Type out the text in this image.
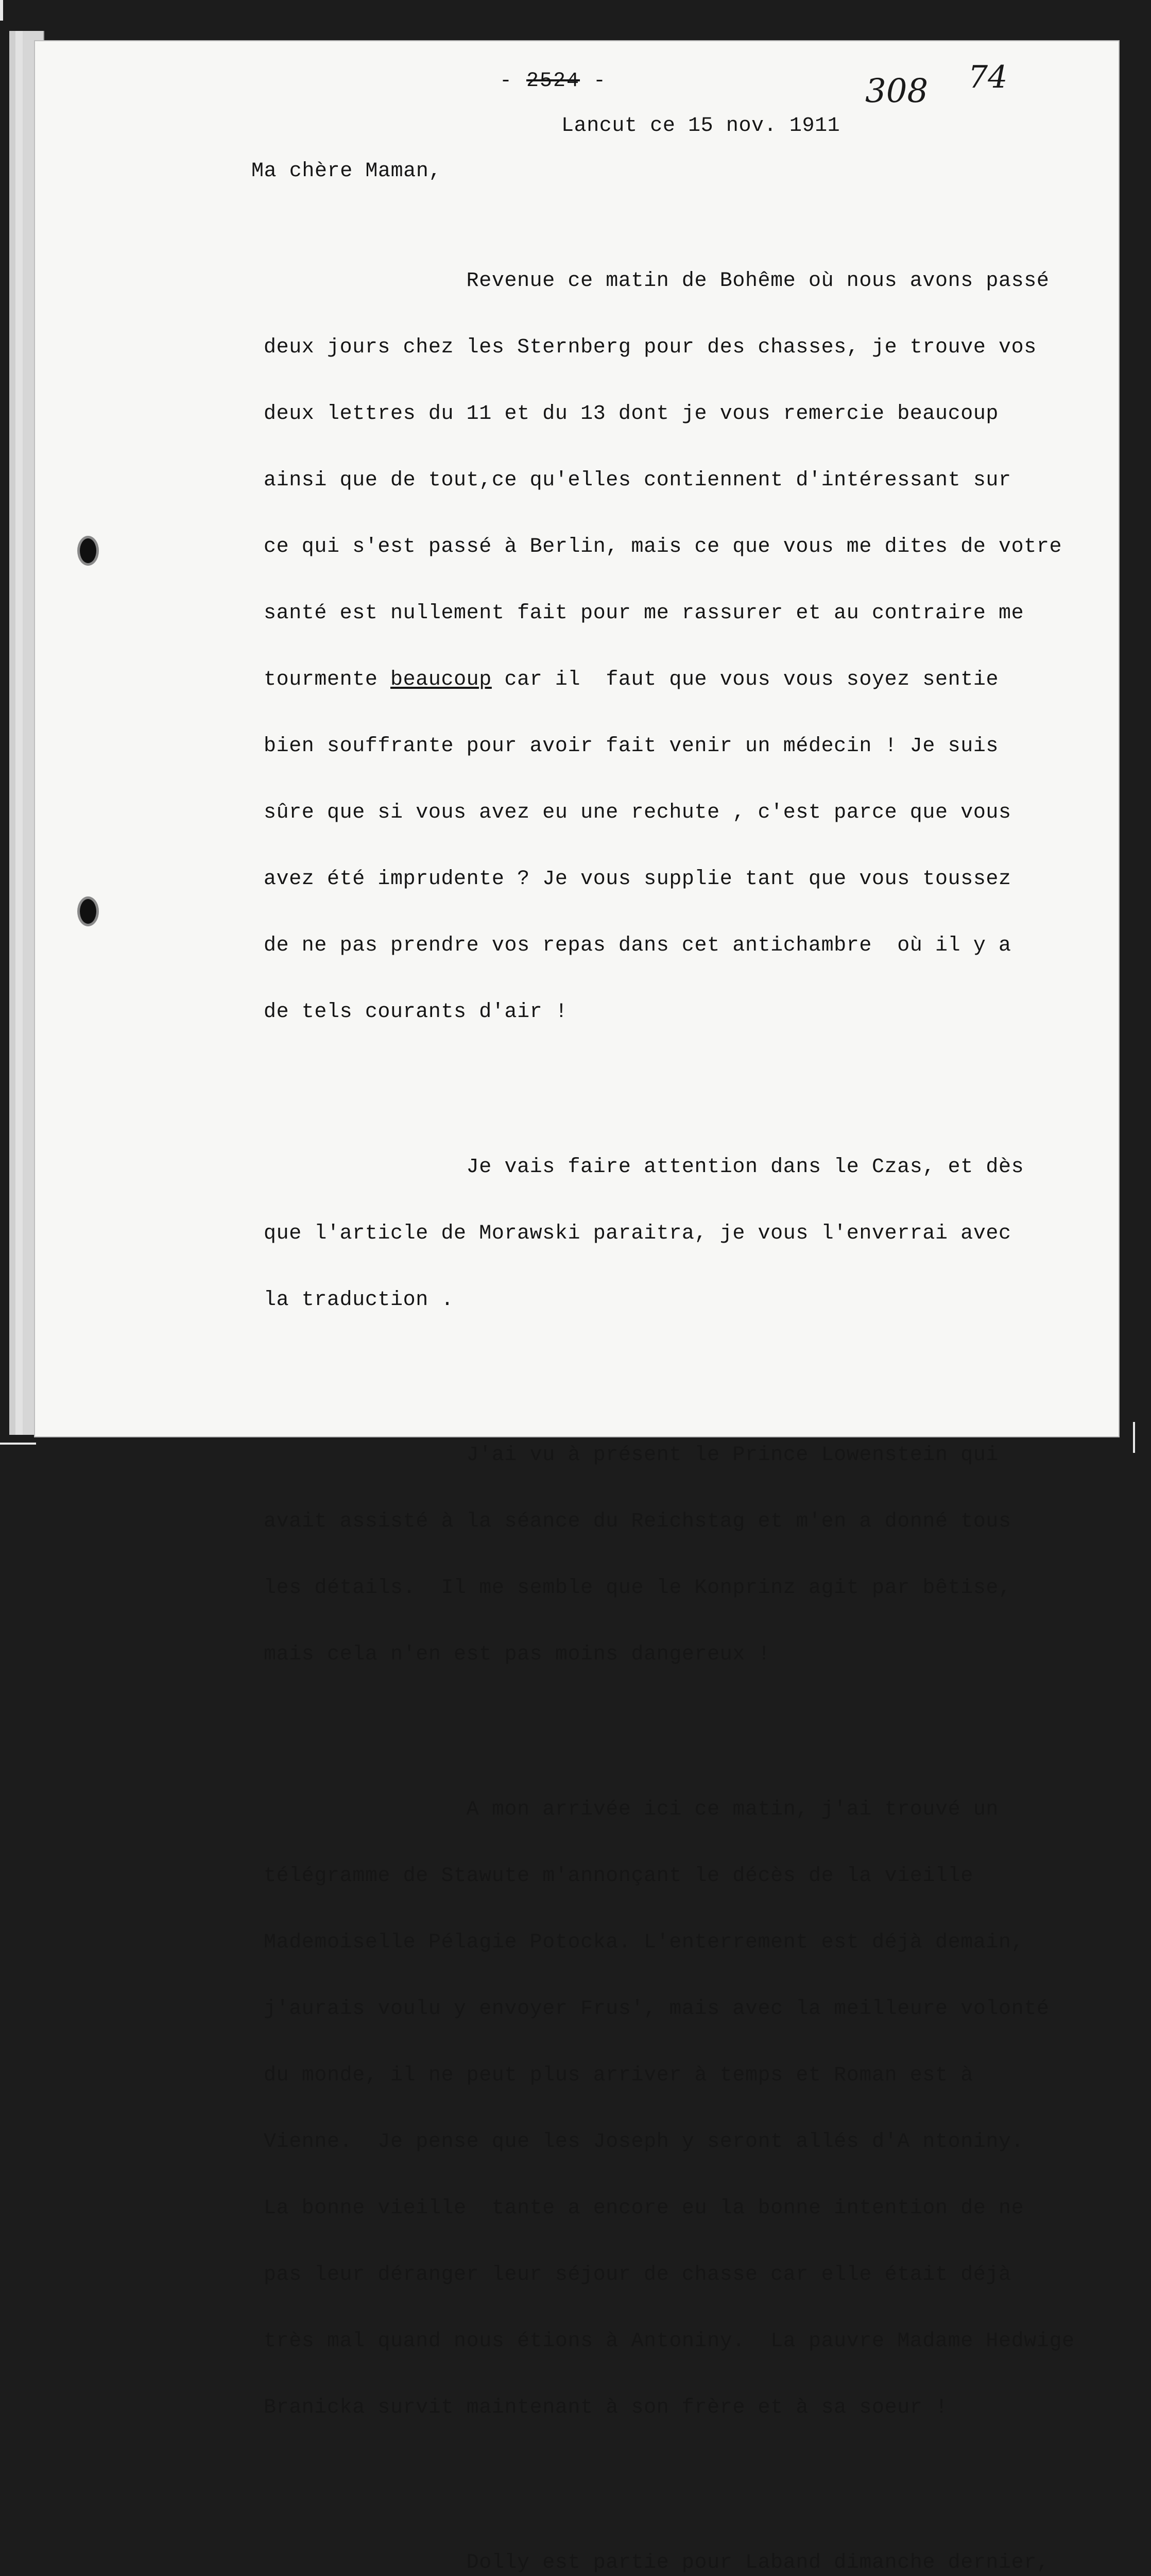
- 2524 -	308 74
Lancut ce 15 nov. 1911
Ma chère Maman,

Revenue ce matin de Bohême où nous avons passé

deux jours chez les Sternberg pour des chasses, je trouve vos

deux lettres du 11 et du 13 dont je vous remercie beaucoup

ainsi que de tout,ce qu'elles contiennent d'intéressant sur

ce qui s'est passé à Berlin, mais ce que vous me dites de votre

santé est nullement fait pour me rassurer et au contraire me

tourmente beaucoup car il  faut que vous vous soyez sentie

bien souffrante pour avoir fait venir un médecin ! Je suis

sûre que si vous avez eu une rechute , c'est parce que vous

avez été imprudente ? Je vous supplie tant que vous toussez

de ne pas prendre vos repas dans cet antichambre  où il y a

de tels courants d'air !

Je vais faire attention dans le Czas, et dès

que l'article de Morawski paraitra, je vous l'enverrai avec

la traduction .

J'ai vu à présent le Prince Lowenstein qui

avait assisté à la séance du Reichstag et m'en a donné tous

les détails.  Il me semble que le Konprinz agit par bêtise,

mais cela n'en est pas moins dangereux !

A mon arrivée ici ce matin, j'ai trouvé un

télégramme de Stawute m'annonçant le décès de la vieille

Mademoiselle Pélagie Potocka. L'enterrement est déjà demain,

j'aurais voulu y envoyer Frus', mais avec la meilleure volonté

du monde, il ne peut plus arriver à temps et Roman est à

Vienne.  Je pense que les Joseph y seront allés d'A ntoniny.

La bonne vieille  tante a encore eu la bonne intention de ne

pas leur déranger leur séjour de chasse car elle était déjà

très mal quand nous étions à Antoniny.  La pauvre Madame Hedwige

Branicka survit maintenant à son frère et à sa soeur !

Dolly est partie pour Laband dimanche dernier,
